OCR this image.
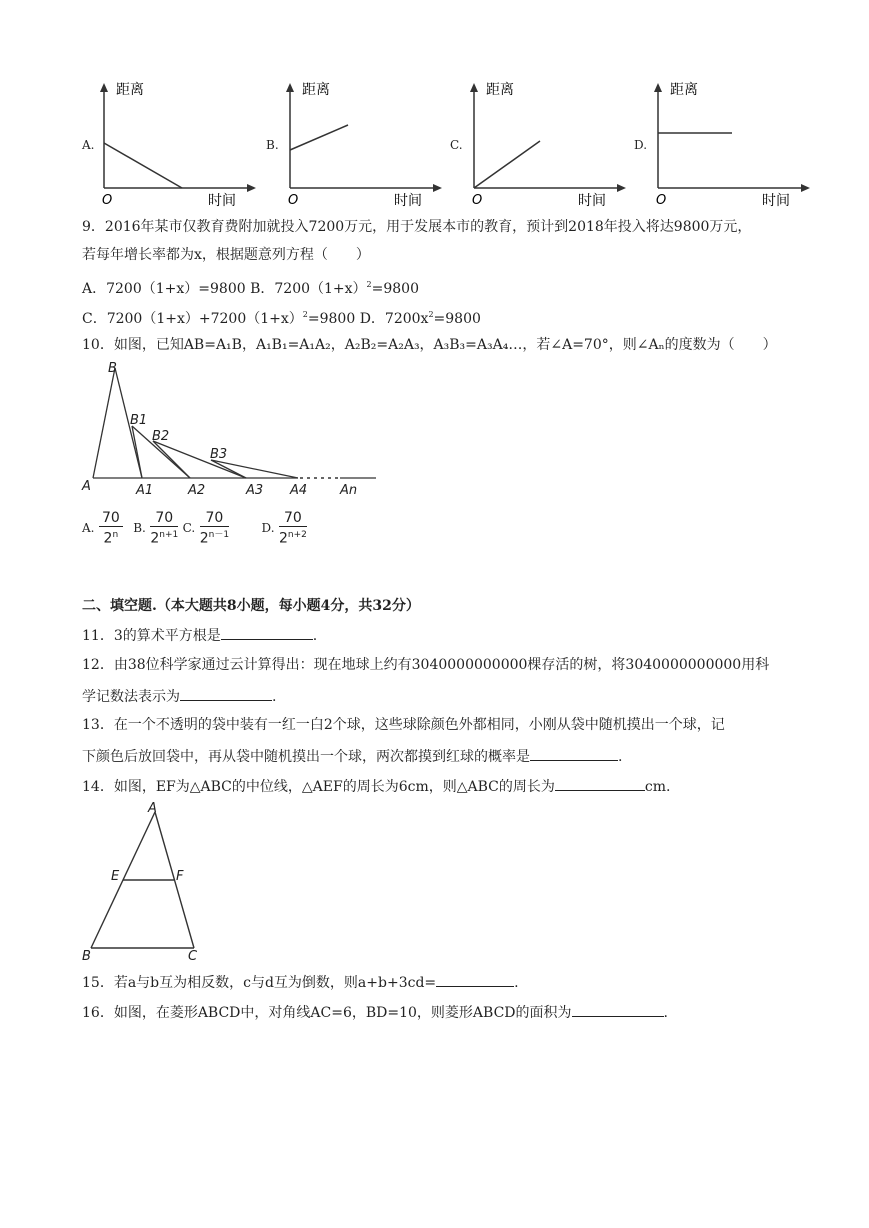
A.	B.	C.	D.
距离
O	时间
距离
O	时间
距离
O	时间
距离
O	时间
9．2016年某市仅教育费附加就投入7200万元，用于发展本市的教育，预计到2018年投入将达9800万元，
若每年增长率都为x，根据题意列方程（　　）
A．7200（1+x）=9800 B．$7200(1+x)^2=9800$
C．$7200(1+x)+7200(1+x)^2=9800$ D．$7200x^2=9800$
10．如图，已知AB=A₁B，A₁B₁=A₁A₂，A₂B₂=A₂A₃，A₃B₃=A₃A₄…，若∠A=70°，则∠Aₙ的度数为（　　）
B
B1
B2
B3
A	A1	A2	A3 A4	An
A. $\frac{70}{2^n} B$. $\frac{70}{2^{n+1}} C$. $\frac{70}{2^{n-1}}$	D. $\frac{70}{2^{n+2}}$
二、填空题.（本大题共8小题，每小题4分，共32分）
11．3的算术平方根是	.
12．由38位科学家通过云计算得出：现在地球上约有3040000000000棵存活的树，将3040000000000用科
学记数法表示为	.
13．在一个不透明的袋中装有一红一白2个球，这些球除颜色外都相同，小刚从袋中随机摸出一个球，记
下颜色后放回袋中，再从袋中随机摸出一个球，两次都摸到红球的概率是	.
14．如图，EF为△ABC的中位线，△AEF的周长为6cm，则△ABC的周长为	cm.
A
E	F
B	C
15．若a与b互为相反数，c与d互为倒数，则a+b+3cd=	.
16．如图，在菱形ABCD中，对角线AC=6，BD=10，则菱形ABCD的面积为	.
